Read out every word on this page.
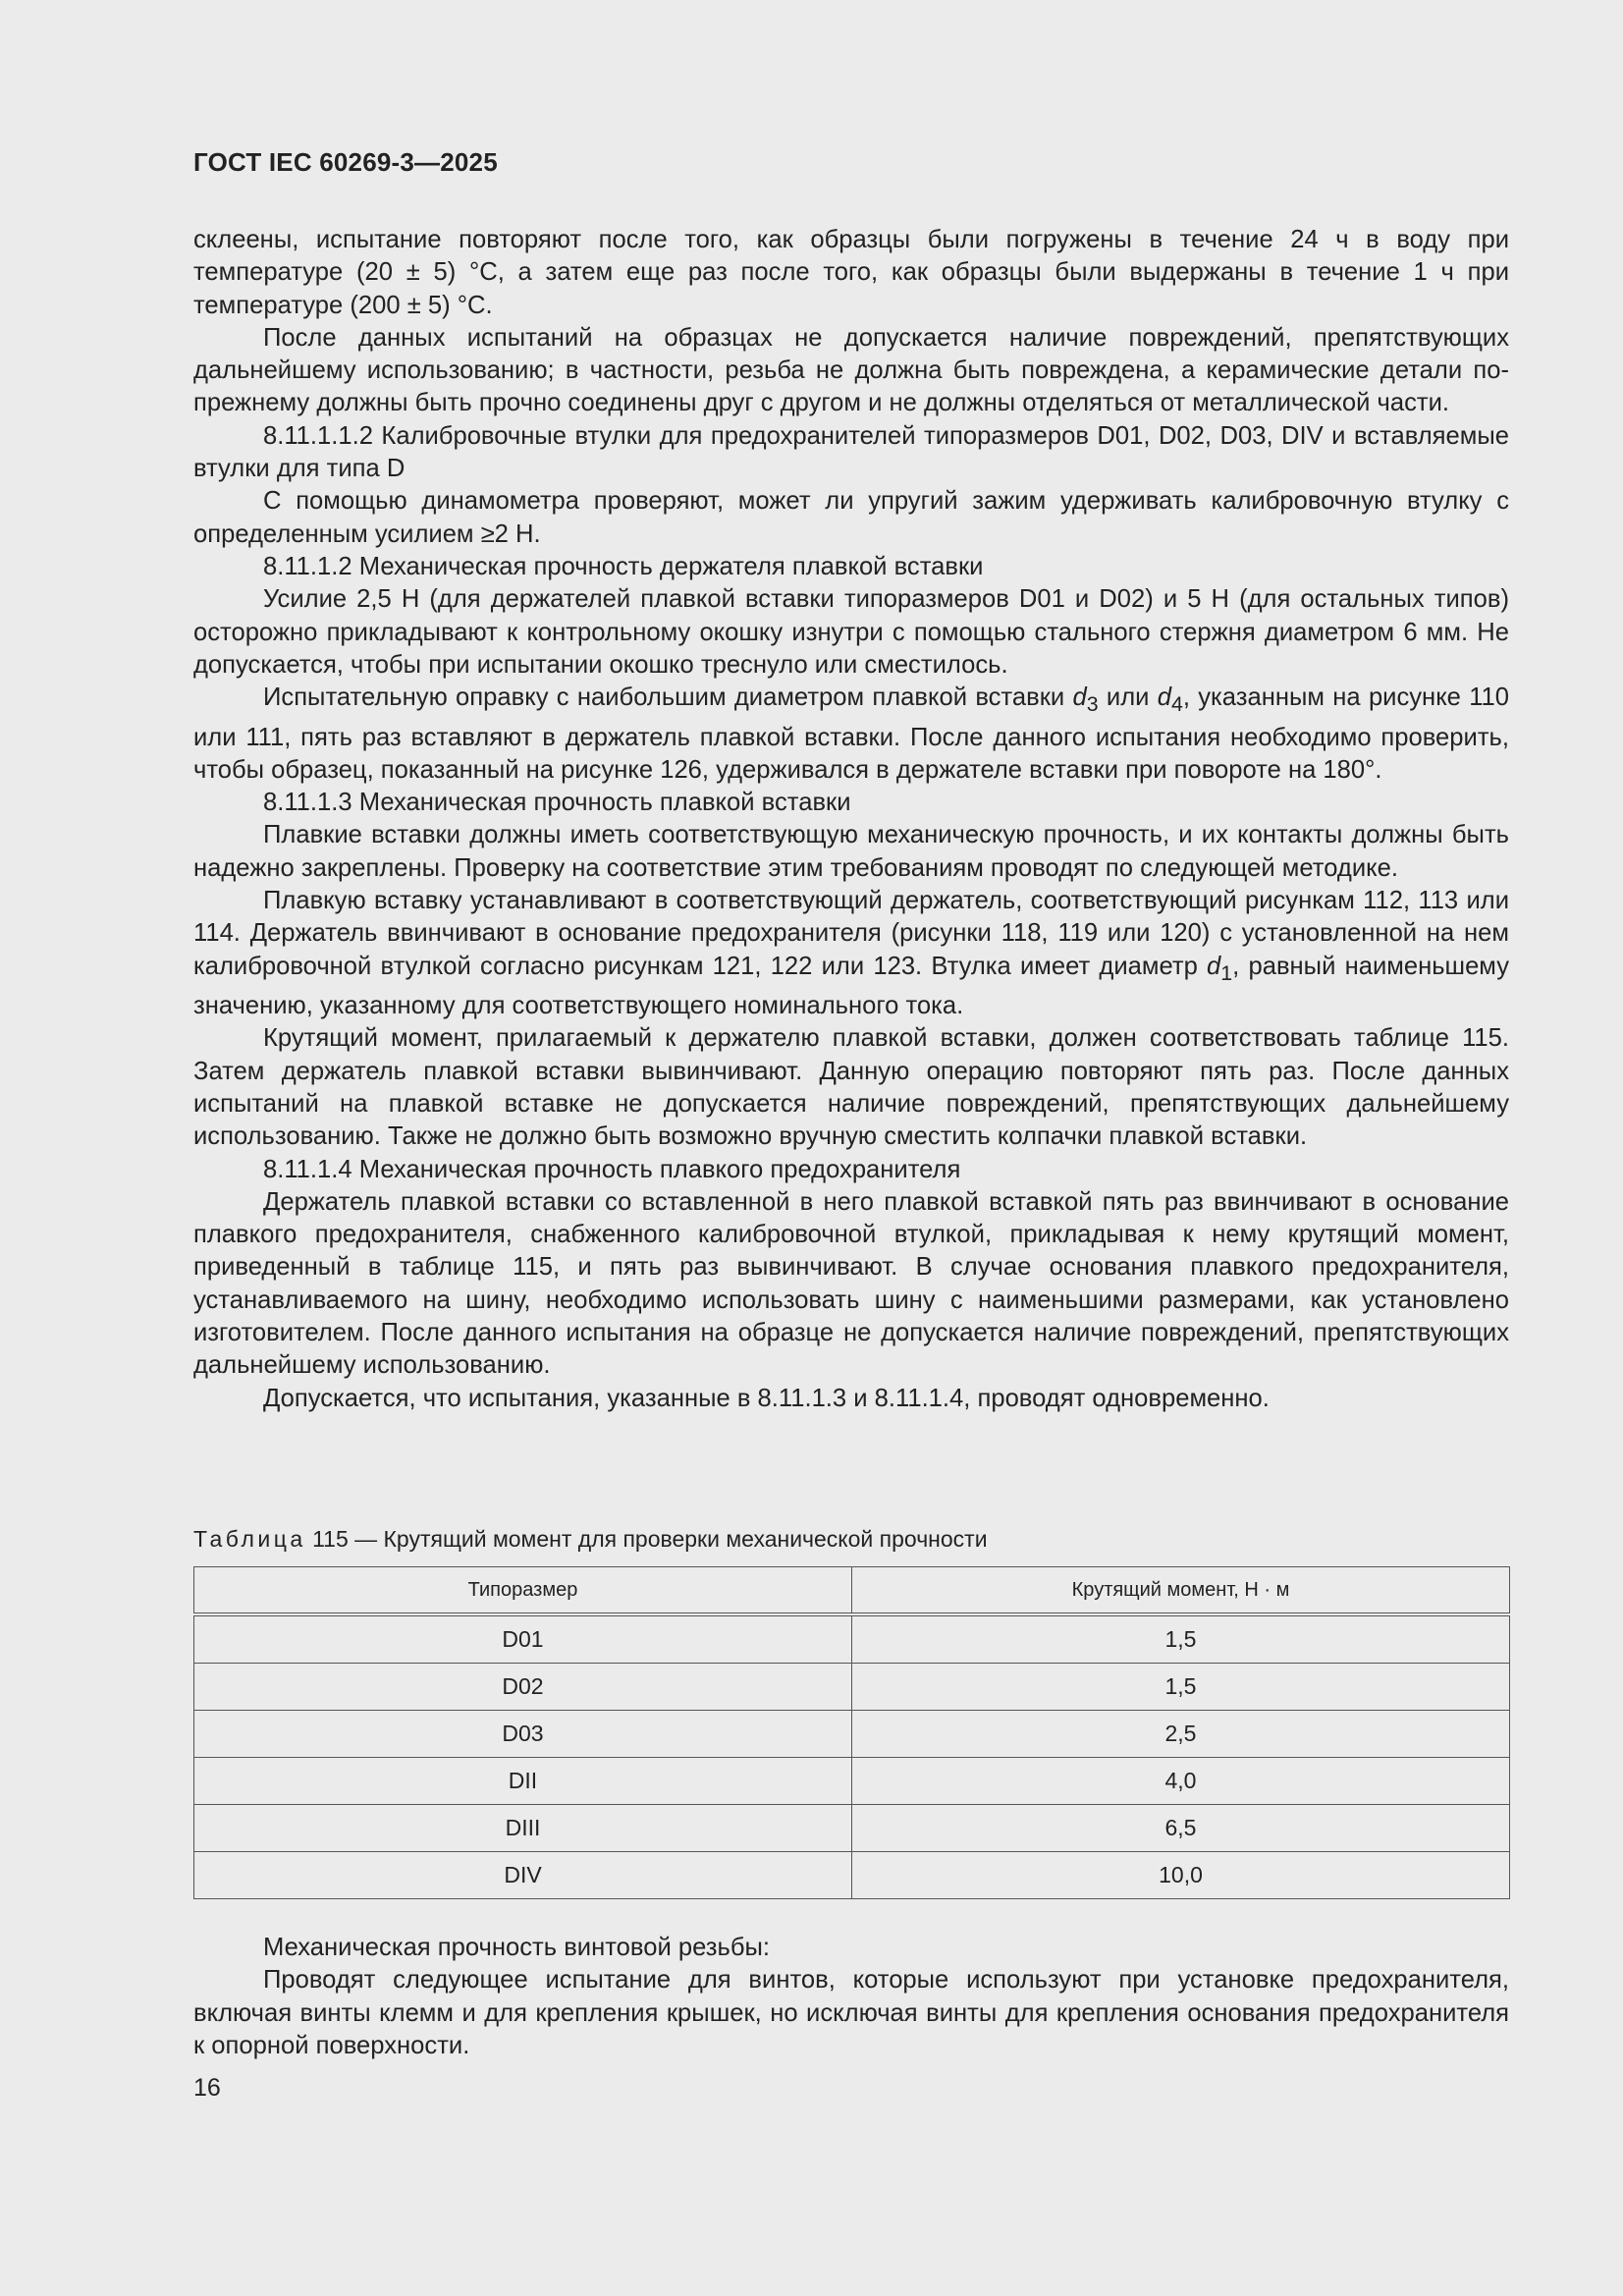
ГОСТ IEC 60269-3—2025

склеены, испытание повторяют после того, как образцы были погружены в течение 24 ч в воду при температуре (20 ± 5) °С, а затем еще раз после того, как образцы были выдержаны в течение 1 ч при температуре (200 ± 5) °С.

После данных испытаний на образцах не допускается наличие повреждений, препятствующих дальнейшему использованию; в частности, резьба не должна быть повреждена, а керамические детали по-прежнему должны быть прочно соединены друг с другом и не должны отделяться от металлической части.

8.11.1.1.2 Калибровочные втулки для предохранителей типоразмеров D01, D02, D03, DIV и вставляемые втулки для типа D

С помощью динамометра проверяют, может ли упругий зажим удерживать калибровочную втулку с определенным усилием ≥2 Н.

8.11.1.2 Механическая прочность держателя плавкой вставки

Усилие 2,5 Н (для держателей плавкой вставки типоразмеров D01 и D02) и 5 Н (для остальных типов) осторожно прикладывают к контрольному окошку изнутри с помощью стального стержня диаметром 6 мм. Не допускается, чтобы при испытании окошко треснуло или сместилось.

Испытательную оправку с наибольшим диаметром плавкой вставки $d_3$ или $d_4$, указанным на рисунке 110 или 111, пять раз вставляют в держатель плавкой вставки. После данного испытания необходимо проверить, чтобы образец, показанный на рисунке 126, удерживался в держателе вставки при повороте на 180°.

8.11.1.3 Механическая прочность плавкой вставки

Плавкие вставки должны иметь соответствующую механическую прочность, и их контакты должны быть надежно закреплены. Проверку на соответствие этим требованиям проводят по следующей методике.

Плавкую вставку устанавливают в соответствующий держатель, соответствующий рисункам 112, 113 или 114. Держатель ввинчивают в основание предохранителя (рисунки 118, 119 или 120) с установленной на нем калибровочной втулкой согласно рисункам 121, 122 или 123. Втулка имеет диаметр $d_1$, равный наименьшему значению, указанному для соответствующего номинального тока.

Крутящий момент, прилагаемый к держателю плавкой вставки, должен соответствовать таблице 115. Затем держатель плавкой вставки вывинчивают. Данную операцию повторяют пять раз. После данных испытаний на плавкой вставке не допускается наличие повреждений, препятствующих дальнейшему использованию. Также не должно быть возможно вручную сместить колпачки плавкой вставки.

8.11.1.4 Механическая прочность плавкого предохранителя

Держатель плавкой вставки со вставленной в него плавкой вставкой пять раз ввинчивают в основание плавкого предохранителя, снабженного калибровочной втулкой, прикладывая к нему крутящий момент, приведенный в таблице 115, и пять раз вывинчивают. В случае основания плавкого предохранителя, устанавливаемого на шину, необходимо использовать шину с наименьшими размерами, как установлено изготовителем. После данного испытания на образце не допускается наличие повреждений, препятствующих дальнейшему использованию.

Допускается, что испытания, указанные в 8.11.1.3 и 8.11.1.4, проводят одновременно.

Таблица 115 — Крутящий момент для проверки механической прочности
Типоразмер	Крутящий момент, Н · м
D01	1,5
D02	1,5
D03	2,5
DII	4,0
DIII	6,5
DIV	10,0

Механическая прочность винтовой резьбы:

Проводят следующее испытание для винтов, которые используют при установке предохранителя, включая винты клемм и для крепления крышек, но исключая винты для крепления основания предохранителя к опорной поверхности.

16
